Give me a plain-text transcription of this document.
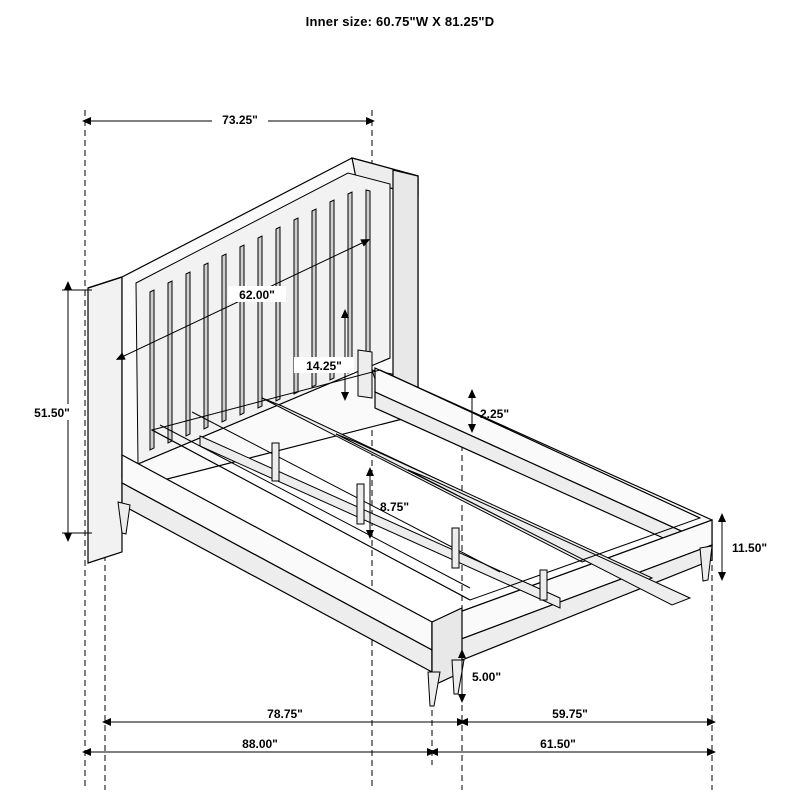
Inner size: 60.75"W X 81.25"D
73.25"
62.00"
14.25"
2.25"
51.50"
8.75"
11.50"
5.00"
78.75"	59.75"
88.00"	61.50"
